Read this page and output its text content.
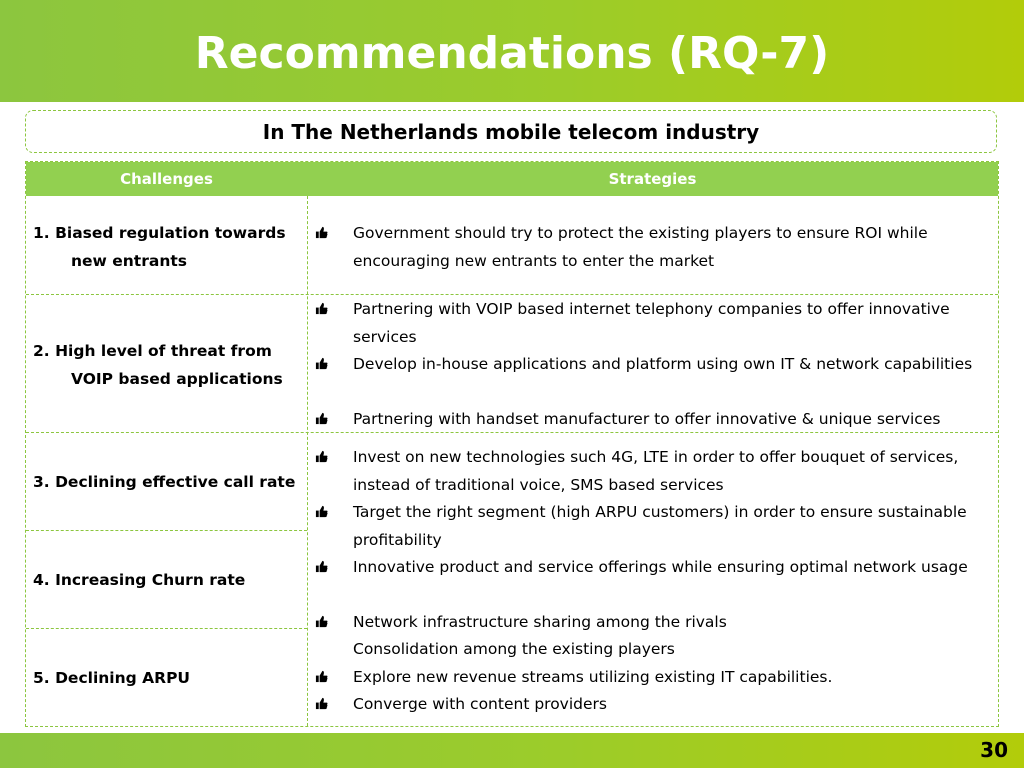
Recommendations (RQ-7)
In The Netherlands mobile telecom industry
Challenges	Strategies
1. Biased regulation towards
new entrants
2. High level of threat from
VOIP based applications
3. Declining effective call rate
4. Increasing Churn rate
5. Declining ARPU
Government should try to protect the existing players to ensure ROI while encouraging new entrants to enter the market
Partnering with VOIP based internet telephony companies to offer innovative services
Develop in-house applications and platform using own IT & network capabilities
Partnering with handset manufacturer to offer innovative & unique services
Invest on new technologies such 4G, LTE in order to offer bouquet of services, instead of traditional voice, SMS based services
Target the right segment (high ARPU customers) in order to ensure sustainable profitability
Innovative product and service offerings while ensuring optimal network usage
Network infrastructure sharing among the rivals
Consolidation among the existing players
Explore new revenue streams utilizing existing IT capabilities.
Converge with content providers
30
